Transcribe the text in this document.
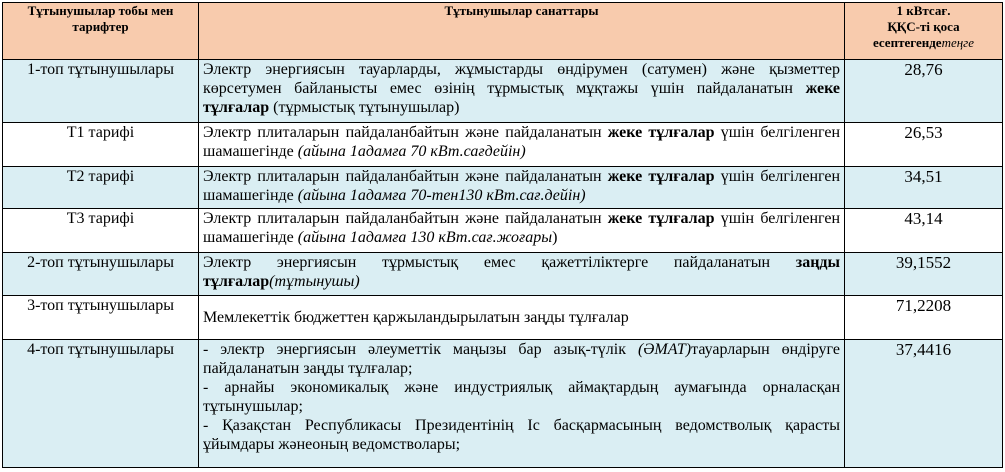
Тұтынушылар тобы мен тарифтер	Тұтынушылар санаттары	1 кВтсағ.
ҚҚС-ті қоса
есептегендетеңге

1-топ тұтынушылары	Электр энергиясын тауарларды, жұмыстарды өндірумен (сатумен) және қызметтер көрсетумен байланысты емес өзінің тұрмыстық мұқтажы үшін пайдаланатын жеке тұлғалар (тұрмыстық тұтынушылар)	28,76
Т1 тарифі	Электр плиталарын пайдаланбайтын және пайдаланатын жеке тұлғалар үшін белгіленген шамашегінде (айына 1адамға 70 кВт.сағдейін)	26,53
Т2 тарифі	Электр плиталарын пайдаланбайтын және пайдаланатын жеке тұлғалар үшін белгіленген шамашегінде (айына 1адамға 70-тен130 кВт.сағ.дейін)	34,51
Т3 тарифі	Электр плиталарын пайдаланбайтын және пайдаланатын жеке тұлғалар үшін белгіленген шамашегінде (айына 1адамға 130 кВт.сағ.жоғары)	43,14
2-топ тұтынушылары	Электр энергиясын тұрмыстық емес қажеттіліктерге пайдаланатын заңды тұлғалар(тұтынушы)	39,1552
3-топ тұтынушылары	Мемлекеттік бюджеттен қаржыландырылатын заңды тұлғалар	71,2208
4-топ тұтынушылары	- электр энергиясын әлеуметтік маңызы бар азық-түлік (ӘМАТ)тауарларын өндіруге пайдаланатын заңды тұлғалар;
- арнайы экономикалық және индустриялық аймақтардың аумағында орналасқан тұтынушылар;
- Қазақстан Республикасы Президентінің Іс басқармасының ведомстволық қарасты ұйымдары жәнеоның ведомстволары;	37,4416
